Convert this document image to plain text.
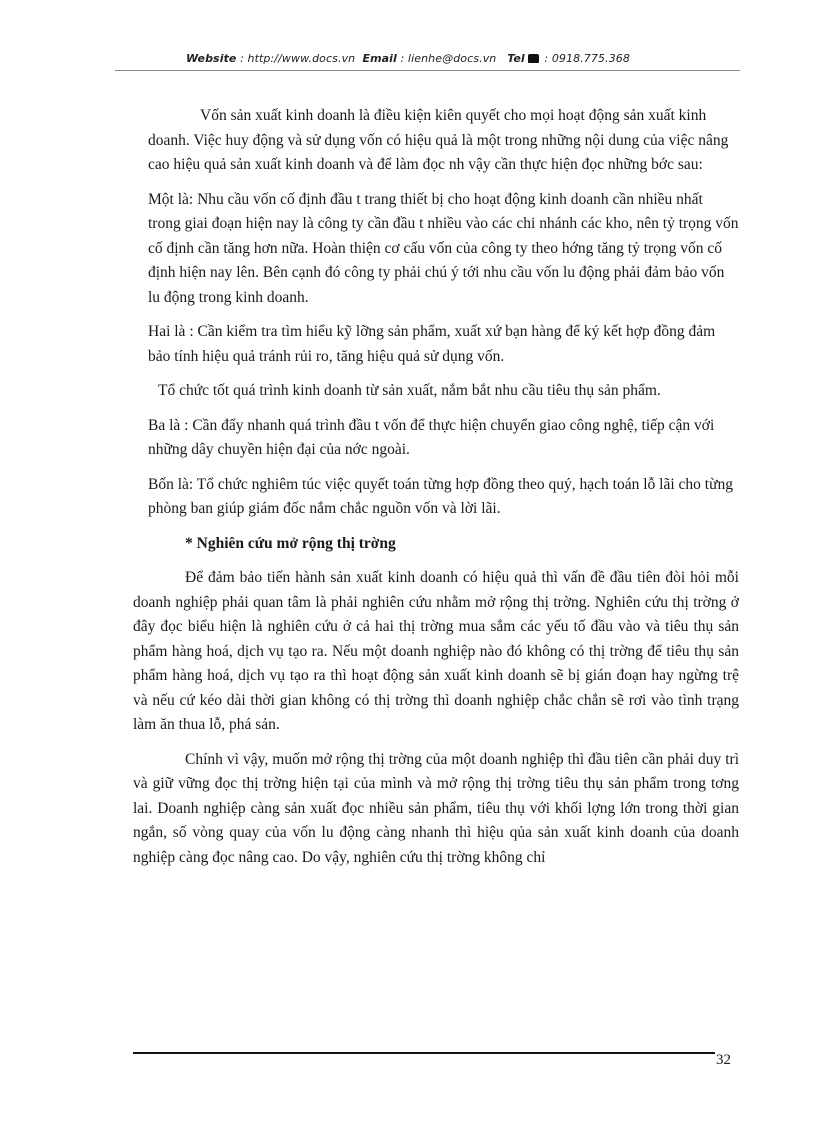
Website : http://www.docs.vn Email : lienhe@docs.vn Tel : 0918.775.368

Vốn sản xuất kinh doanh là điều kiện kiên quyết cho mọi hoạt động sản xuất kinh doanh. Việc huy động và sử dụng vốn có hiệu quả là một trong những nội dung của việc nâng cao hiệu quả sản xuất kinh doanh và để làm đọc nh vậy cần thực hiện đọc những bớc sau:

Một là: Nhu cầu vốn cố định đầu t trang thiết bị cho hoạt động kinh doanh cần nhiều nhất trong giai đoạn hiện nay là công ty cần đầu t nhiều vào các chi nhánh các kho, nên tỷ trọng vốn cố định cần tăng hơn nữa. Hoàn thiện cơ cấu vốn của công ty theo hớng tăng tỷ trọng vốn cố định hiện nay lên. Bên cạnh đó công ty phải chú ý tới nhu cầu vốn lu động phải đảm bảo vốn lu động trong kinh doanh.

Hai là : Cần kiểm tra tìm hiểu kỹ lỡng sản phẩm, xuất xứ bạn hàng để ký kết hợp đồng đảm bảo tính hiệu quả tránh rủi ro, tăng hiệu quả sử dụng vốn.

Tổ chức tốt quá trình kinh doanh từ sản xuất, nắm bắt nhu cầu tiêu thụ sản phẩm.

Ba là : Cần đẩy nhanh quá trình đầu t vốn để thực hiện chuyển giao công nghệ, tiếp cận với những dây chuyền hiện đại của nớc ngoài.

Bốn là: Tổ chức nghiêm túc việc quyết toán từng hợp đồng theo quý, hạch toán lỗ lãi cho từng phòng ban giúp giám đốc nắm chắc nguồn vốn và lời lãi.

* Nghiên cứu mở rộng thị trờng

Để đảm bảo tiến hành sản xuất kinh doanh có hiệu quả thì vấn đề đầu tiên đòi hỏi mỗi doanh nghiệp phải quan tâm là phải nghiên cứu nhằm mở rộng thị trờng. Nghiên cứu thị trờng ở đây đọc biểu hiện là nghiên cứu ở cả hai thị trờng mua sắm các yếu tố đầu vào và tiêu thụ sản phẩm hàng hoá, dịch vụ tạo ra. Nếu một doanh nghiệp nào đó không có thị trờng để tiêu thụ sản phẩm hàng hoá, dịch vụ tạo ra thì hoạt động sản xuất kinh doanh sẽ bị gián đoạn hay ngừng trệ và nếu cứ kéo dài thời gian không có thị trờng thì doanh nghiệp chắc chắn sẽ rơi vào tình trạng làm ăn thua lỗ, phá sản.

Chính vì vậy, muốn mở rộng thị trờng của một doanh nghiệp thì đầu tiên cần phải duy trì và giữ vững đọc thị trờng hiện tại của mình và mở rộng thị trờng tiêu thụ sản phẩm trong tơng lai. Doanh nghiệp càng sản xuất đọc nhiều sản phẩm, tiêu thụ với khối lợng lớn trong thời gian ngắn, số vòng quay của vốn lu động càng nhanh thì hiệu qủa sản xuất kinh doanh của doanh nghiệp càng đọc nâng cao. Do vậy, nghiên cứu thị trờng không chỉ

32
